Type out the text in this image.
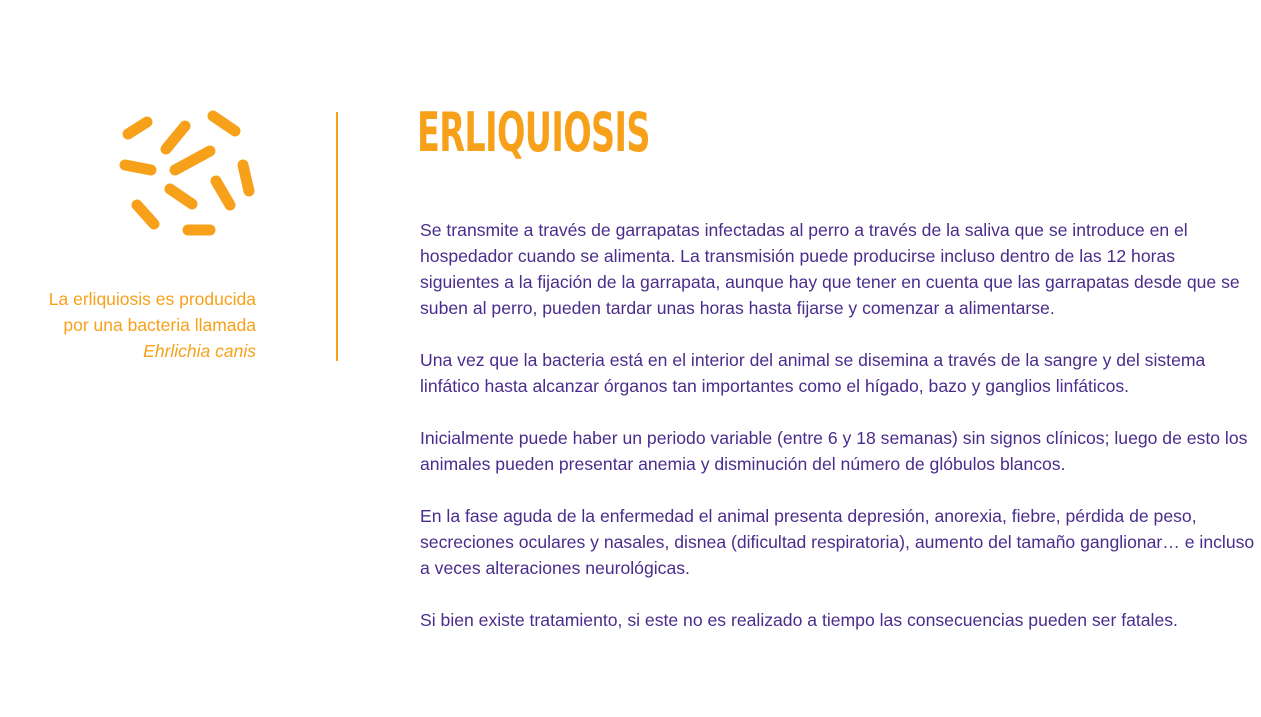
La erliquiosis es producida
por una bacteria llamada

Ehrlichia canis

ERLIQUIOSIS

Se transmite a través de garrapatas infectadas al perro a través de la saliva que se introduce en el hospedador cuando se alimenta. La transmisión puede producirse incluso dentro de las 12 horas siguientes a la fijación de la garrapata, aunque hay que tener en cuenta que las garrapatas desde que se suben al perro, pueden tardar unas horas hasta fijarse y comenzar a alimentarse.

Una vez que la bacteria está en el interior del animal se disemina a través de la sangre y del sistema linfático hasta alcanzar órganos tan importantes como el hígado, bazo y ganglios linfáticos.

Inicialmente puede haber un periodo variable (entre 6 y 18 semanas) sin signos clínicos; luego de esto los animales pueden presentar anemia y disminución del número de glóbulos blancos.

En la fase aguda de la enfermedad el animal presenta depresión, anorexia, fiebre, pérdida de peso, secreciones oculares y nasales, disnea (dificultad respiratoria), aumento del tamaño ganglionar… e incluso a veces alteraciones neurológicas.

Si bien existe tratamiento, si este no es realizado a tiempo las consecuencias pueden ser fatales.
